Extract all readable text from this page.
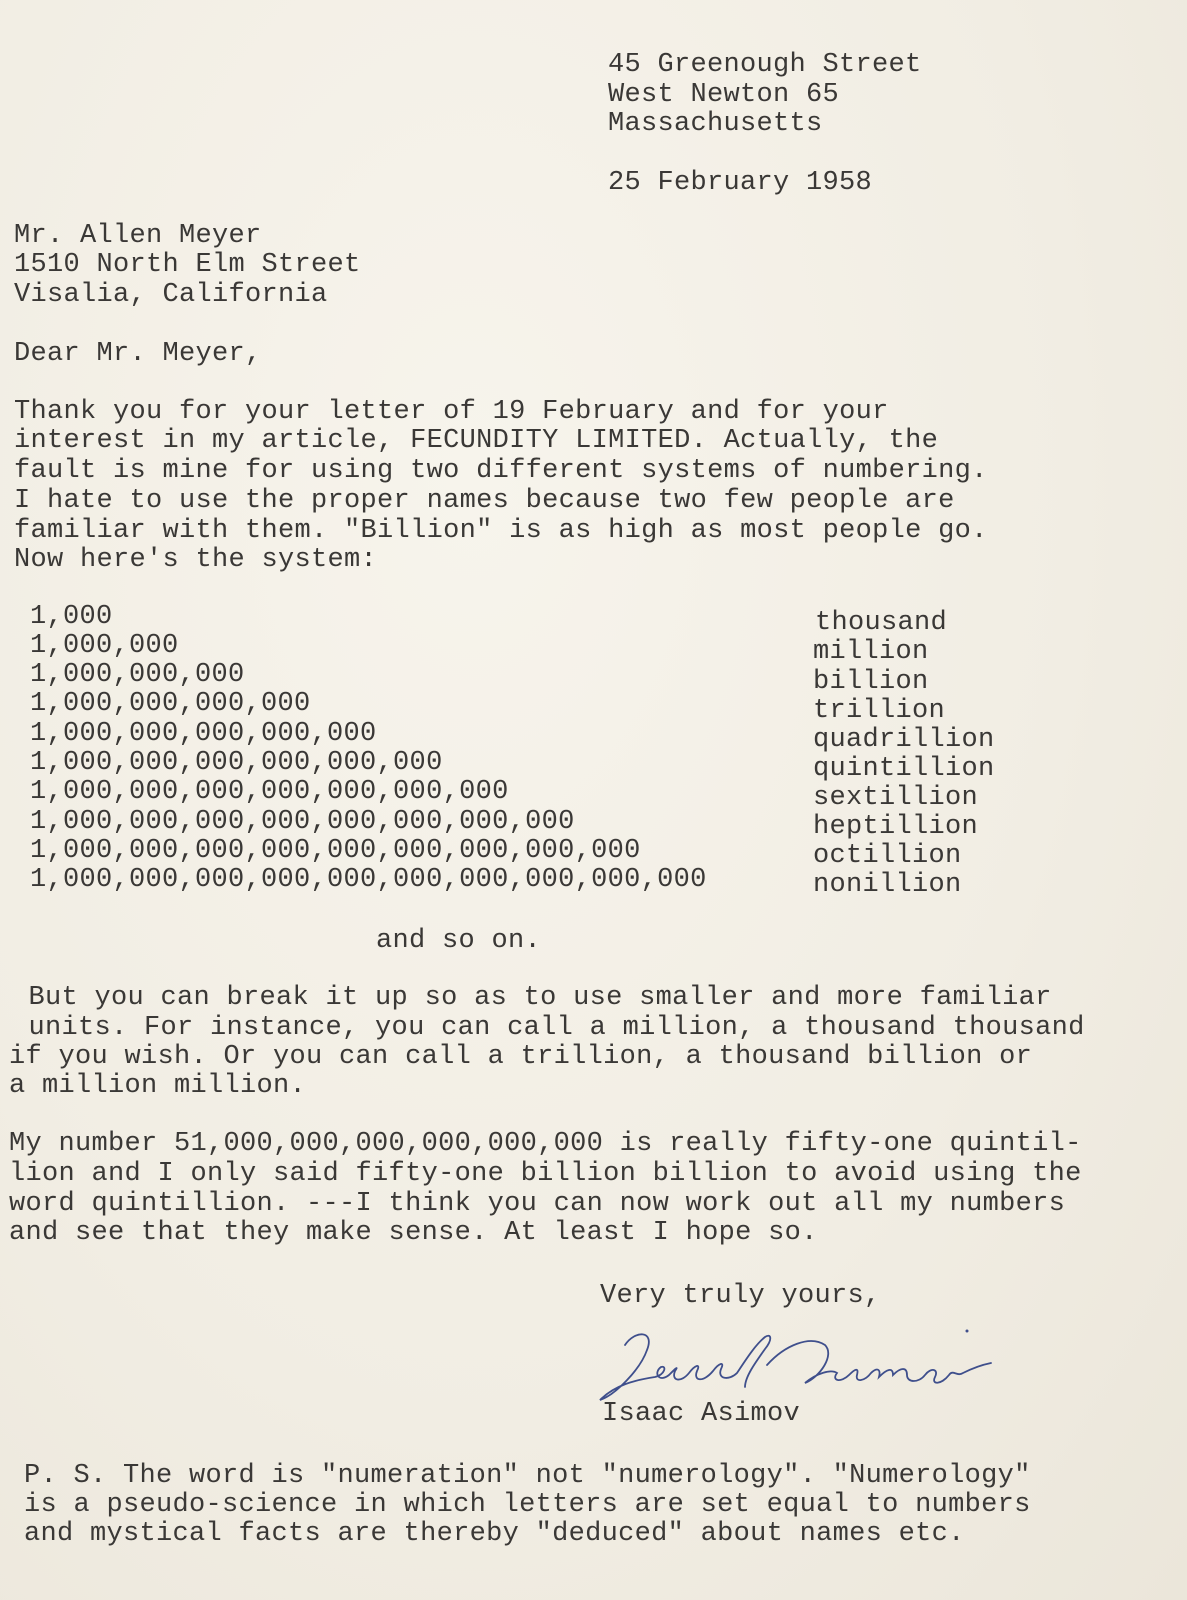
45 Greenough Street
West Newton 65
Massachusetts
25 February 1958
Mr. Allen Meyer
1510 North Elm Street
Visalia, California
Dear Mr. Meyer,
Thank you for your letter of 19 February and for your
interest in my article, FECUNDITY LIMITED. Actually, the
fault is mine for using two different systems of numbering.
I hate to use the proper names because two few people are
familiar with them. "Billion" is as high as most people go.
Now here's the system:
1,000
1,000,000
1,000,000,000
1,000,000,000,000
1,000,000,000,000,000
1,000,000,000,000,000,000
1,000,000,000,000,000,000,000
1,000,000,000,000,000,000,000,000
1,000,000,000,000,000,000,000,000,000
1,000,000,000,000,000,000,000,000,000,000
thousand
million
billion
trillion
quadrillion
quintillion
sextillion
heptillion
octillion
nonillion
and so on.
But you can break it up so as to use smaller and more familiar
units. For instance, you can call a million, a thousand thousand
if you wish. Or you can call a trillion, a thousand billion or
a million million.
My number 51,000,000,000,000,000,000 is really fifty-one quintil-
lion and I only said fifty-one billion billion to avoid using the
word quintillion. ---I think you can now work out all my numbers
and see that they make sense. At least I hope so.
Very truly yours,
Isaac Asimov
P. S. The word is "numeration" not "numerology". "Numerology"
is a pseudo-science in which letters are set equal to numbers
and mystical facts are thereby "deduced" about names etc.
